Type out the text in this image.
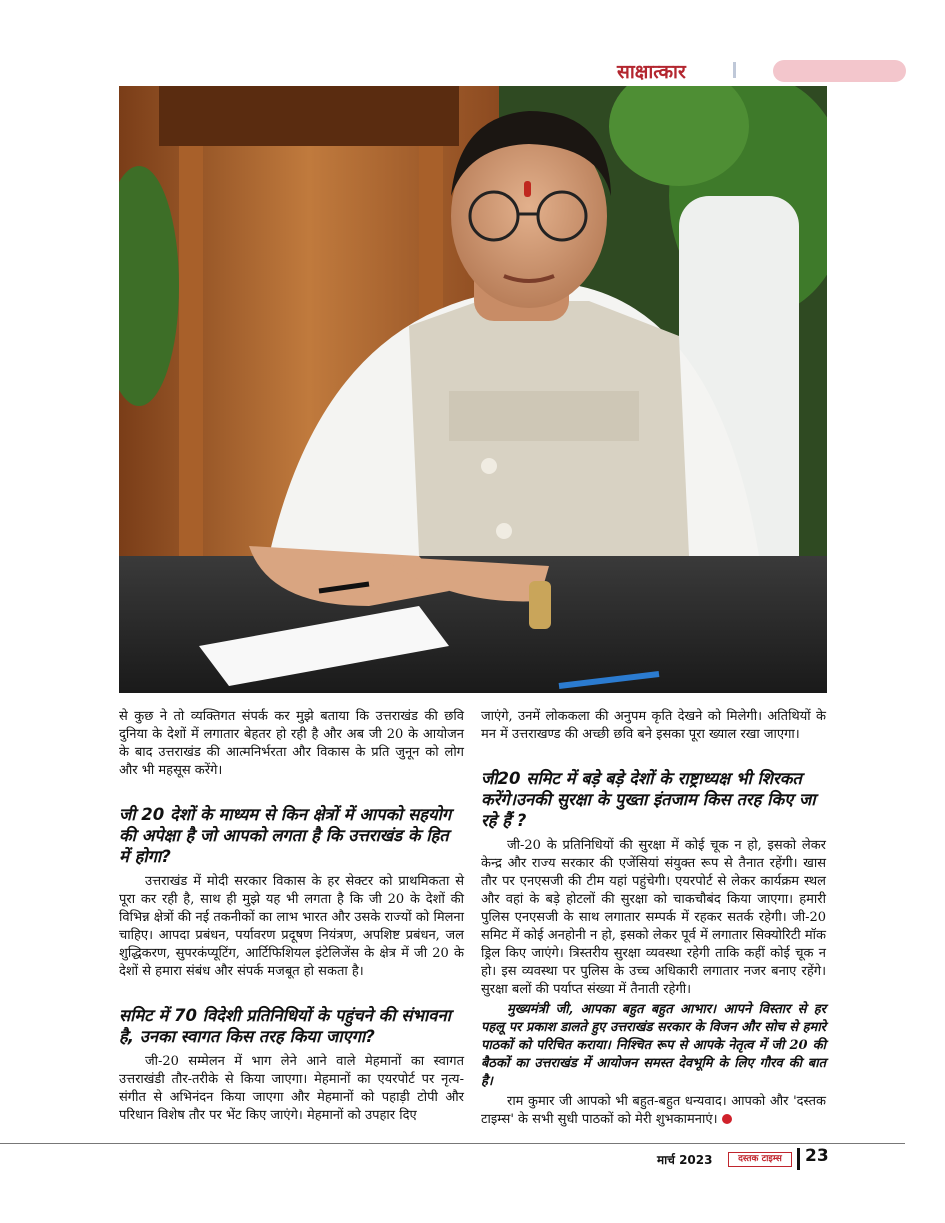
साक्षात्कार

से कुछ ने तो व्यक्तिगत संपर्क कर मुझे बताया कि उत्तराखंड की छवि दुनिया के देशों में लगातार बेहतर हो रही है और अब जी 20 के आयोजन के बाद उत्तराखंड की आत्मनिर्भरता और विकास के प्रति जुनून को लोग और भी महसूस करेंगे।

जी 20 देशों के माध्यम से किन क्षेत्रों में आपको सहयोग की अपेक्षा है जो आपको लगता है कि उत्तराखंड के हित में होगा?

उत्तराखंड में मोदी सरकार विकास के हर सेक्टर को प्राथमिकता से पूरा कर रही है, साथ ही मुझे यह भी लगता है कि जी 20 के देशों की विभिन्न क्षेत्रों की नई तकनीकों का लाभ भारत और उसके राज्यों को मिलना चाहिए। आपदा प्रबंधन, पर्यावरण प्रदूषण नियंत्रण, अपशिष्ट प्रबंधन, जल शुद्धिकरण, सुपरकंप्यूटिंग, आर्टिफिशियल इंटेलिजेंस के क्षेत्र में जी 20 के देशों से हमारा संबंध और संपर्क मजबूत हो सकता है।

समिट में 70 विदेशी प्रतिनिधियों के पहुंचने की संभावना है, उनका स्वागत किस तरह किया जाएगा?

जी-20 सम्मेलन में भाग लेने आने वाले मेहमानों का स्वागत उत्तराखंडी तौर-तरीके से किया जाएगा। मेहमानों का एयरपोर्ट पर नृत्य-संगीत से अभिनंदन किया जाएगा और मेहमानों को पहाड़ी टोपी और परिधान विशेष तौर पर भेंट किए जाएंगे। मेहमानों को उपहार दिए

जाएंगे, उनमें लोककला की अनुपम कृति देखने को मिलेगी। अतिथियों के मन में उत्तराखण्ड की अच्छी छवि बने इसका पूरा ख्याल रखा जाएगा।

जी20 समिट में बड़े बड़े देशों के राष्ट्राध्यक्ष भी शिरकत करेंगे।उनकी सुरक्षा के पुख्ता इंतजाम किस तरह किए जा रहे हैं ?

जी-20 के प्रतिनिधियों की सुरक्षा में कोई चूक न हो, इसको लेकर केन्द्र और राज्य सरकार की एजेंसियां संयुक्त रूप से तैनात रहेंगी। खास तौर पर एनएसजी की टीम यहां पहुंचेगी। एयरपोर्ट से लेकर कार्यक्रम स्थल और वहां के बड़े होटलों की सुरक्षा को चाकचौबंद किया जाएगा। हमारी पुलिस एनएसजी के साथ लगातार सम्पर्क में रहकर सतर्क रहेगी। जी-20 समिट में कोई अनहोनी न हो, इसको लेकर पूर्व में लगातार सिक्योरिटी मॉक ड्रिल किए जाएंगे। त्रिस्तरीय सुरक्षा व्यवस्था रहेगी ताकि कहीं कोई चूक न हो। इस व्यवस्था पर पुलिस के उच्च अधिकारी लगातार नजर बनाए रहेंगे। सुरक्षा बलों की पर्याप्त संख्या में तैनाती रहेगी।

मुख्यमंत्री जी, आपका बहुत बहुत आभार। आपने विस्तार से हर पहलू पर प्रकाश डालते हुए उत्तराखंड सरकार के विजन और सोच से हमारे पाठकों को परिचित कराया। निश्चित रूप से आपके नेतृत्व में जी 20 की बैठकों का उत्तराखंड में आयोजन समस्त देवभूमि के लिए गौरव की बात है।

राम कुमार जी आपको भी बहुत-बहुत धन्यवाद। आपको और 'दस्तक टाइम्स' के सभी सुधी पाठकों को मेरी शुभकामनाएं।

मार्च 2023	दस्तक टाइम्स	23
